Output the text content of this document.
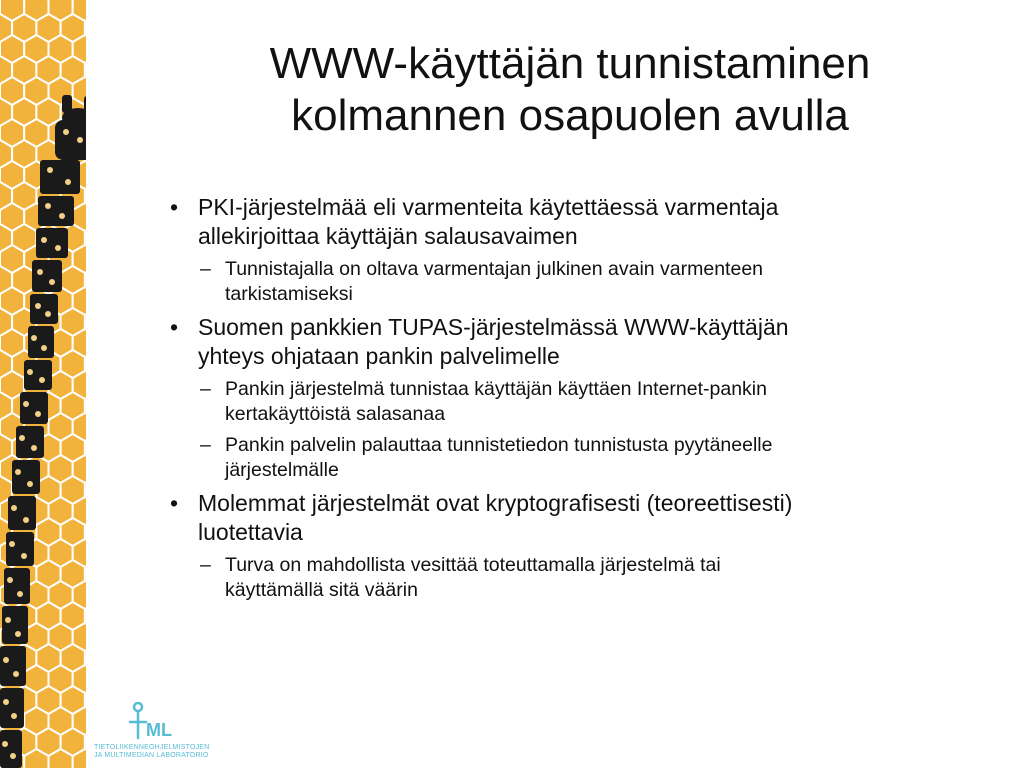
WWW-käyttäjän tunnistaminen
kolmannen osapuolen avulla
• PKI-järjestelmää eli varmenteita käytettäessä varmentaja
allekirjoittaa käyttäjän salausavaimen
– Tunnistajalla on oltava varmentajan julkinen avain varmenteen
tarkistamiseksi
• Suomen pankkien TUPAS-järjestelmässä WWW-käyttäjän
yhteys ohjataan pankin palvelimelle
– Pankin järjestelmä tunnistaa käyttäjän käyttäen Internet-pankin
kertakäyttöistä salasanaa
– Pankin palvelin palauttaa tunnistetiedon tunnistusta pyytäneelle
järjestelmälle
• Molemmat järjestelmät ovat kryptografisesti (teoreettisesti)
luotettavia
– Turva on mahdollista vesittää toteuttamalla järjestelmä tai
käyttämällä sitä väärin
ML
TIETOLIIKENNEOHJELMISTOJEN
JA MULTIMEDIAN LABORATORIO
